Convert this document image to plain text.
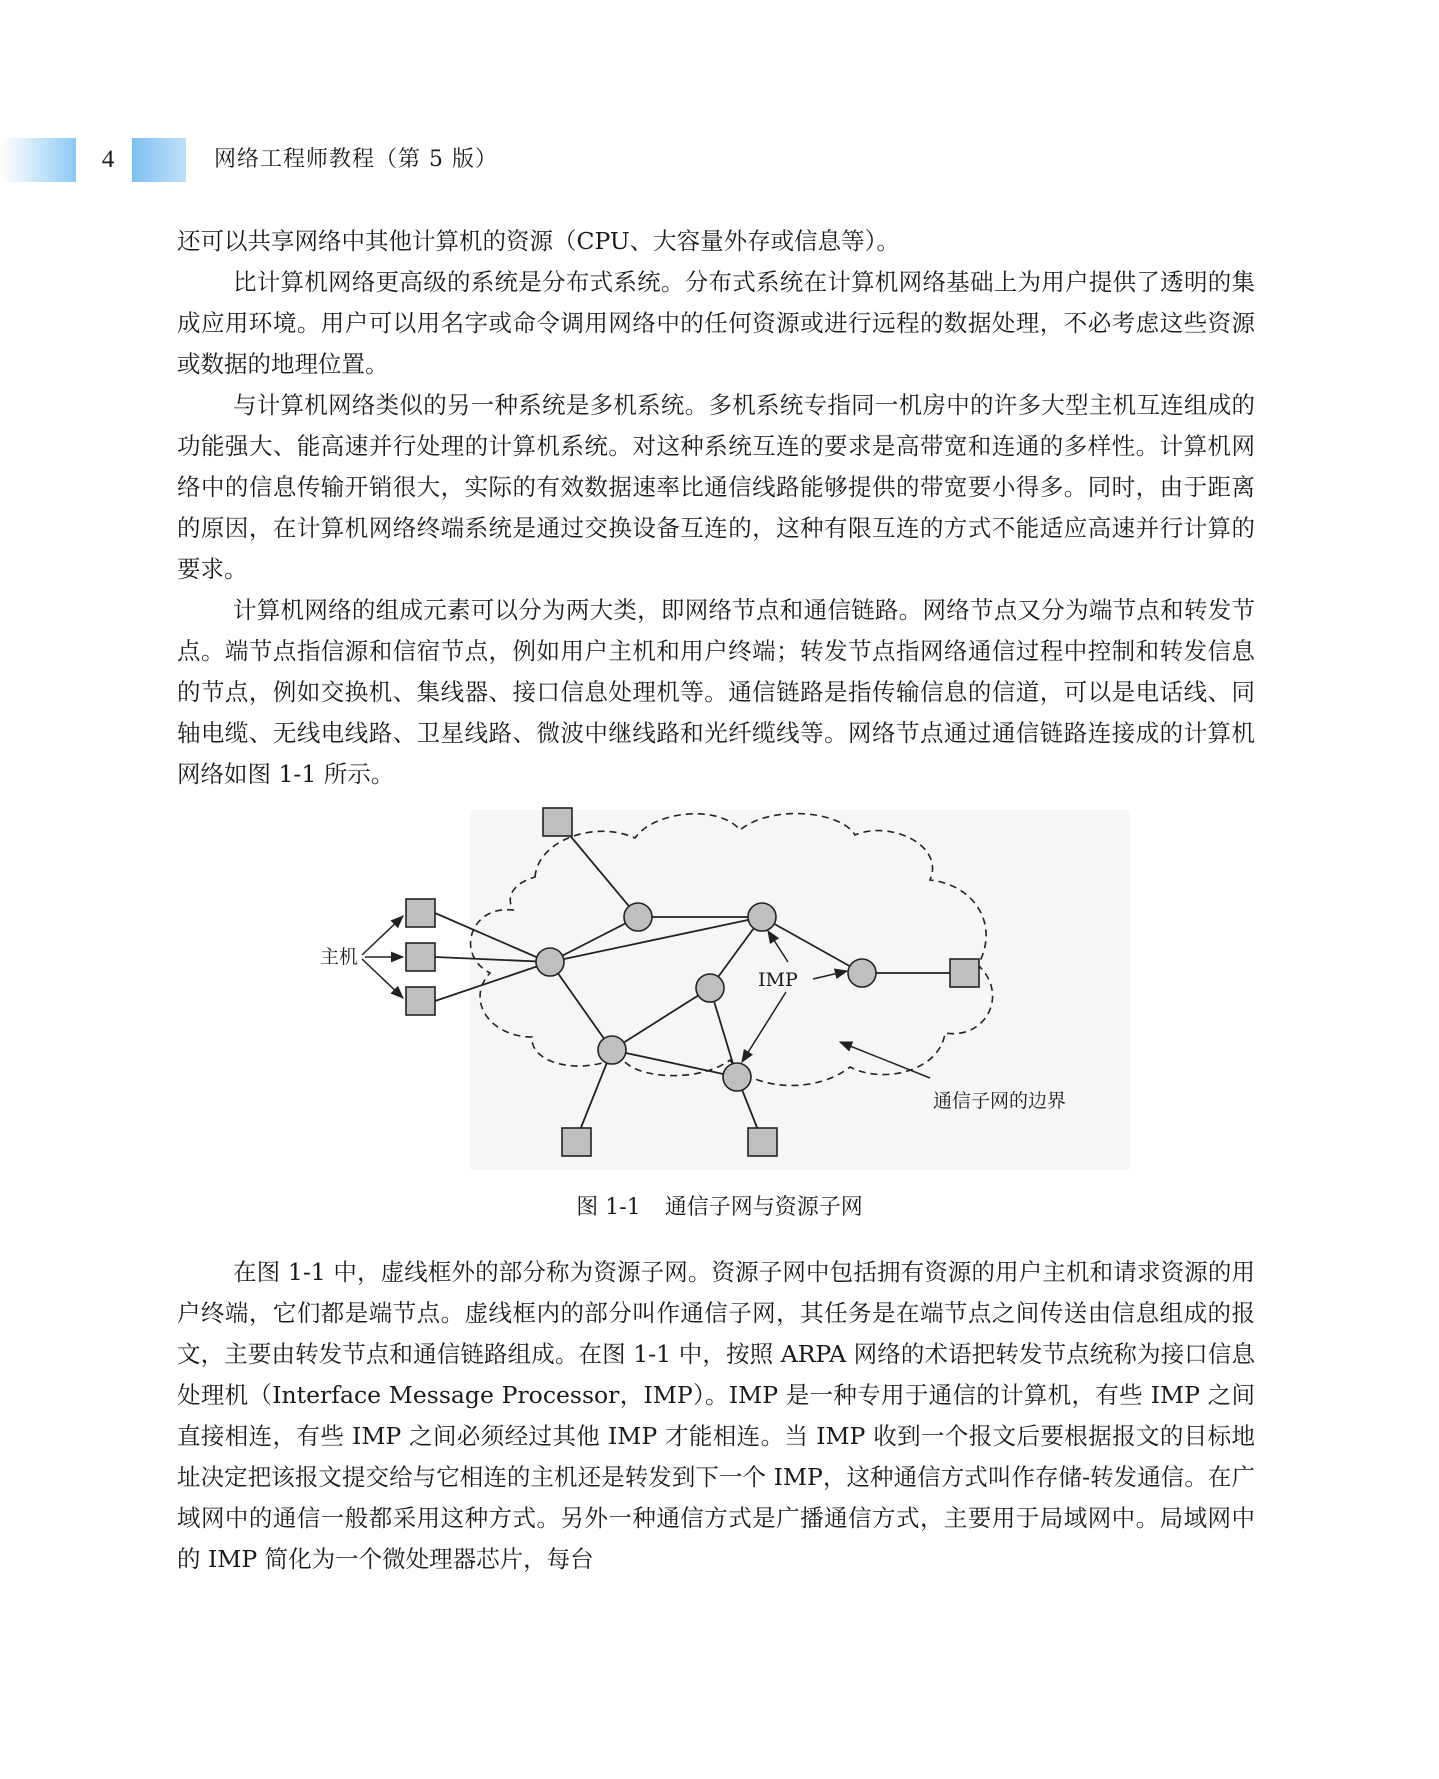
4	网络工程师教程（第 5 版）

还可以共享网络中其他计算机的资源（CPU、大容量外存或信息等）。

比计算机网络更高级的系统是分布式系统。分布式系统在计算机网络基础上为用户提供了透明的集成应用环境。用户可以用名字或命令调用网络中的任何资源或进行远程的数据处理，不必考虑这些资源或数据的地理位置。

与计算机网络类似的另一种系统是多机系统。多机系统专指同一机房中的许多大型主机互连组成的功能强大、能高速并行处理的计算机系统。对这种系统互连的要求是高带宽和连通的多样性。计算机网络中的信息传输开销很大，实际的有效数据速率比通信线路能够提供的带宽要小得多。同时，由于距离的原因，在计算机网络终端系统是通过交换设备互连的，这种有限互连的方式不能适应高速并行计算的要求。

计算机网络的组成元素可以分为两大类，即网络节点和通信链路。网络节点又分为端节点和转发节点。端节点指信源和信宿节点，例如用户主机和用户终端；转发节点指网络通信过程中控制和转发信息的节点，例如交换机、集线器、接口信息处理机等。通信链路是指传输信息的信道，可以是电话线、同轴电缆、无线电线路、卫星线路、微波中继线路和光纤缆线等。网络节点通过通信链路连接成的计算机网络如图 1-1 所示。

主机
IMP
通信子网的边界
图 1-1 通信子网与资源子网

在图 1-1 中，虚线框外的部分称为资源子网。资源子网中包括拥有资源的用户主机和请求资源的用户终端，它们都是端节点。虚线框内的部分叫作通信子网，其任务是在端节点之间传送由信息组成的报文，主要由转发节点和通信链路组成。在图 1-1 中，按照 ARPA 网络的术语把转发节点统称为接口信息处理机（Interface Message Processor，IMP）。IMP 是一种专用于通信的计算机，有些 IMP 之间直接相连，有些 IMP 之间必须经过其他 IMP 才能相连。当 IMP 收到一个报文后要根据报文的目标地址决定把该报文提交给与它相连的主机还是转发到下一个 IMP，这种通信方式叫作存储-转发通信。在广域网中的通信一般都采用这种方式。另外一种通信方式是广播通信方式，主要用于局域网中。局域网中的 IMP 简化为一个微处理器芯片，每台
